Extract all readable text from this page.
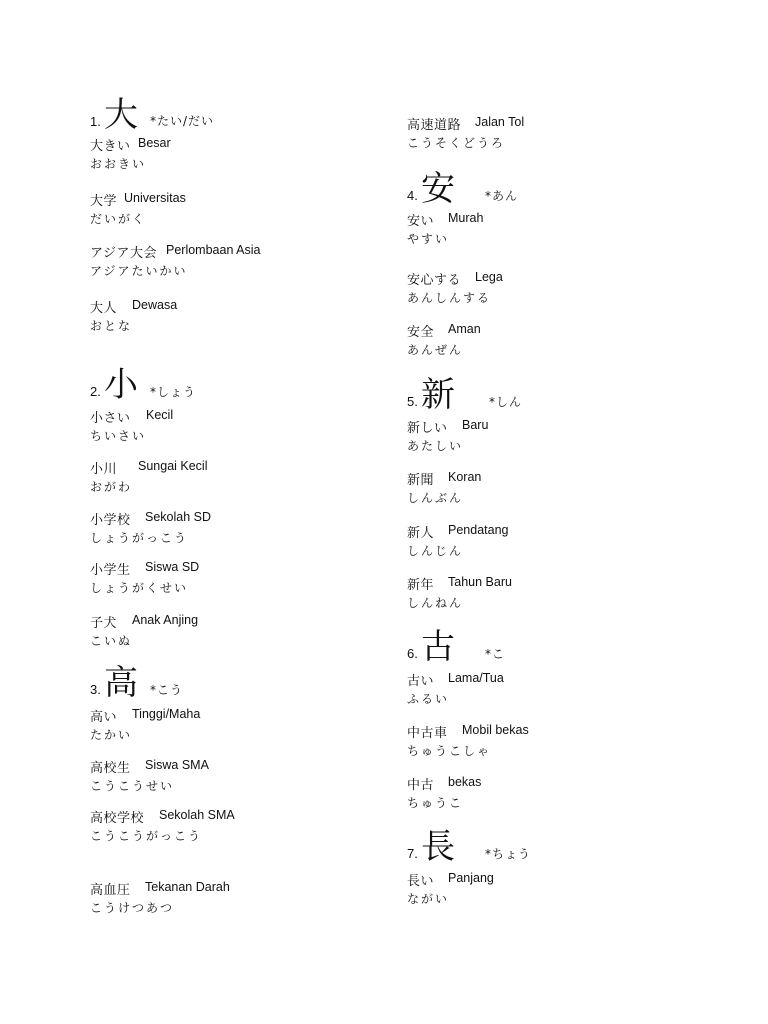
1. 大 *たい/だい
大きい Besar
おおきい
大学 Universitas
だいがく
アジア大会 Perlombaan Asia
アジアたいかい
大人 Dewasa
おとな
2. 小 *しょう
小さい Kecil
ちいさい
小川 Sungai Kecil
おがわ
小学校 Sekolah SD
しょうがっこう
小学生 Siswa SD
しょうがくせい
子犬 Anak Anjing
こいぬ
3. 高 *こう
高い Tinggi/Maha
たかい
高校生 Siswa SMA
こうこうせい
高校学校 Sekolah SMA
こうこうがっこう
高血圧 Tekanan Darah
こうけつあつ
高速道路 Jalan Tol
こうそくどうろ
4. 安	*あん
安い Murah
やすい
安心する Lega
あんしんする
安全 Aman
あんぜん
5. 新	*しん
新しい Baru
あたしい
新聞 Koran
しんぶん
新人 Pendatang
しんじん
新年 Tahun Baru
しんねん
6. 古	*こ
古い Lama/Tua
ふるい
中古車 Mobil bekas
ちゅうこしゃ
中古 bekas
ちゅうこ
7. 長	*ちょう
長い Panjang
ながい
